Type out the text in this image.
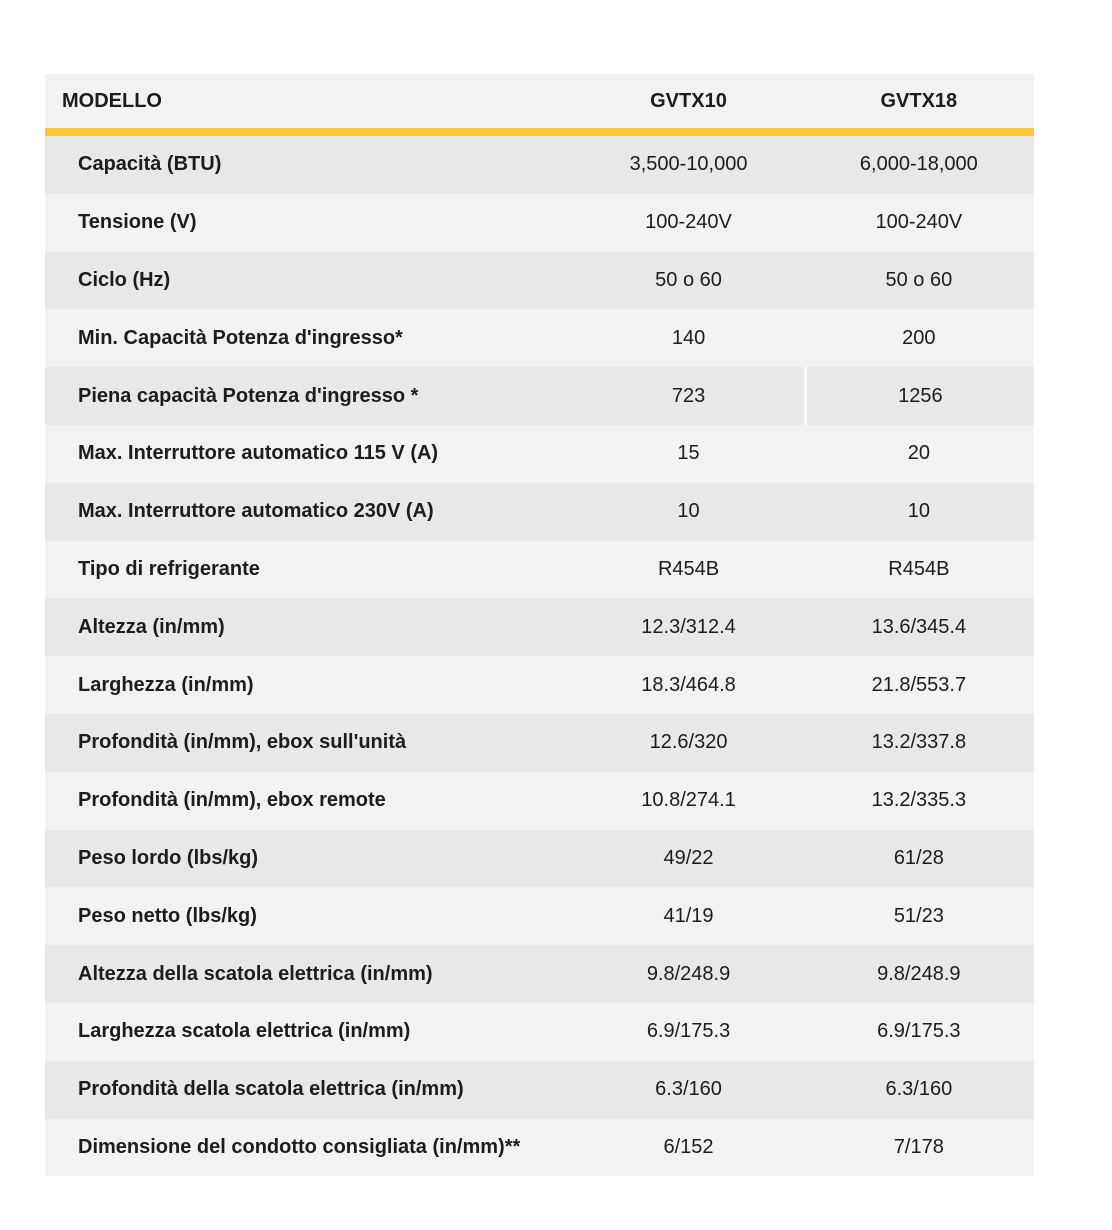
MODELLO	GVTX10	GVTX18
Capacità (BTU)	3,500-10,000	6,000-18,000
Tensione (V)	100-240V	100-240V
Ciclo (Hz)	50 o 60	50 o 60
Min. Capacità Potenza d'ingresso*	140	200
Piena capacità Potenza d'ingresso *	723	1256
Max. Interruttore automatico 115 V (A)	15	20
Max. Interruttore automatico 230V (A)	10	10
Tipo di refrigerante	R454B	R454B
Altezza (in/mm)	12.3/312.4	13.6/345.4
Larghezza (in/mm)	18.3/464.8	21.8/553.7
Profondità (in/mm), ebox sull'unità	12.6/320	13.2/337.8
Profondità (in/mm), ebox remote	10.8/274.1	13.2/335.3
Peso lordo (lbs/kg)	49/22	61/28
Peso netto (lbs/kg)	41/19	51/23
Altezza della scatola elettrica (in/mm)	9.8/248.9	9.8/248.9
Larghezza scatola elettrica (in/mm)	6.9/175.3	6.9/175.3
Profondità della scatola elettrica (in/mm)	6.3/160	6.3/160
Dimensione del condotto consigliata (in/mm)**	6/152	7/178
